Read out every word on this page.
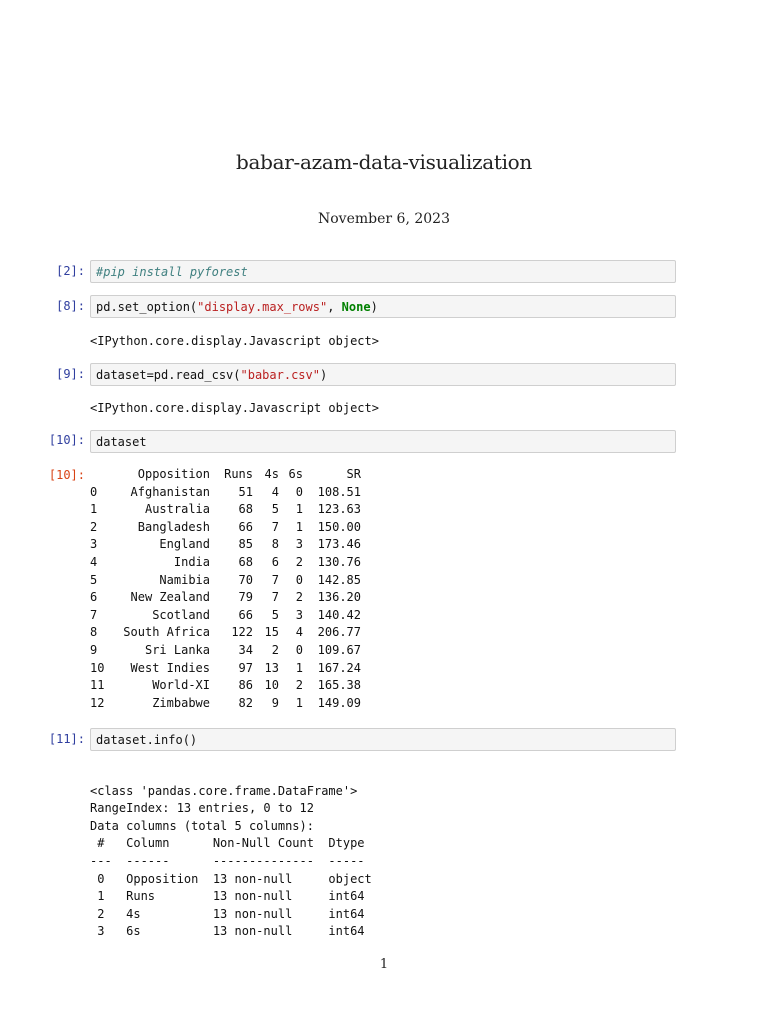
babar-azam-data-visualization
November 6, 2023
[2]: #pip install pyforest
[8]: pd.set_option("display.max_rows", None)
<IPython.core.display.Javascript object>
[9]: dataset=pd.read_csv("babar.csv")
<IPython.core.display.Javascript object>
[10]: dataset
[10]:
		Opposition	Runs	4s	6s	SR
0	Afghanistan	51	4	0	108.51
1	Australia	68	5	1	123.63
2	Bangladesh	66	7	1	150.00
3	England	85	8	3	173.46
4	India	68	6	2	130.76
5	Namibia	70	7	0	142.85
6	New Zealand	79	7	2	136.20
7	Scotland	66	5	3	140.42
8	South Africa	122	15	4	206.77
9	Sri Lanka	34	2	0	109.67
10	West Indies	97	13	1	167.24
11	World-XI	86	10	2	165.38
12	Zimbabwe	82	9	1	149.09
[11]: dataset.info()

<class 'pandas.core.frame.DataFrame'>
RangeIndex: 13 entries, 0 to 12
Data columns (total 5 columns):
#   Column      Non-Null Count  Dtype
---  ------      --------------  -----
0   Opposition  13 non-null     object
1   Runs        13 non-null     int64
2   4s          13 non-null     int64
3   6s          13 non-null     int64

1
